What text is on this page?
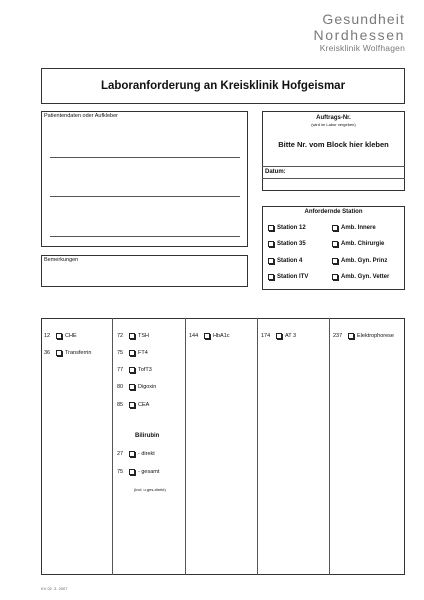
Gesundheit
Nordhessen
Kreisklinik Wolfhagen
Laboranforderung an Kreisklinik Hofgeismar
Patientendaten oder Aufkleber	Auftrags-Nr.
(wird im Labor vergeben)
Bitte Nr. vom Block hier kleben
Datum:
Bemerkungen
Anfordernde Station
Station 12	Amb. Innere
Station 35	Amb. Chirurgie
Station 4	Amb. Gyn. Prinz
Station ITV	Amb. Gyn. Vetter
12	CHE
36	Transferrin
72	TSH
75	FT4
77	TofT3
80	Digoxin
85	CEA
Bilirubin
27	- direkt
75	- gesamt
(incl. u.ges-direkt)
144	HbA1c	174	AT 3	237	Elektrophorese
KV 02 .3. 2007
